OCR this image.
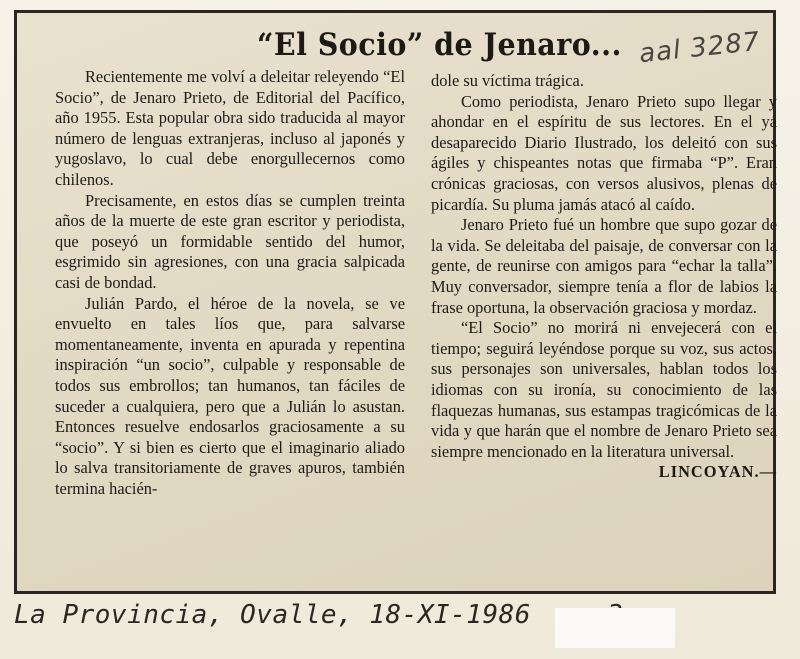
“El Socio” de Jenaro... aal 3287

Recientemente me volví a deleitar releyendo “El Socio”, de Jenaro Prieto, de Editorial del Pacífico, año 1955. Esta popular obra sido traducida al mayor número de lenguas extranjeras, incluso al japonés y yugoslavo, lo cual debe enorgullecernos como chilenos.

Precisamente, en estos días se cumplen treinta años de la muerte de este gran escritor y periodista, que poseyó un formidable sentido del humor, esgrimido sin agresiones, con una gracia salpicada casi de bondad.

Julián Pardo, el héroe de la novela, se ve envuelto en tales líos que, para salvarse momentaneamente, inventa en apurada y repentina inspiración “un socio”, culpable y responsable de todos sus embrollos; tan humanos, tan fáciles de suceder a cualquiera, pero que a Julián lo asustan. Entonces resuelve endosarlos graciosamente a su “socio”. Y si bien es cierto que el imaginario aliado lo salva transitoriamente de graves apuros, también termina hacién-

dole su víctima trágica.

Como periodista, Jenaro Prieto supo llegar y ahondar en el espíritu de sus lectores. En el yá desaparecido Diario Ilustrado, los deleitó con sus ágiles y chispeantes notas que firmaba “P”. Eran crónicas graciosas, con versos alusivos, plenas de picardía. Su pluma jamás atacó al caído.

Jenaro Prieto fué un hombre que supo gozar de la vida. Se deleitaba del paisaje, de conversar con la gente, de reunirse con amigos para “echar la talla”. Muy conversador, siempre tenía a flor de labios la frase oportuna, la observación graciosa y mordaz.

“El Socio” no morirá ni envejecerá con el tiempo; seguirá leyéndose porque su voz, sus actos, sus personajes son universales, hablan todos los idiomas con su ironía, su conocimiento de las flaquezas humanas, sus estampas tragicómicas de la vida y que harán que el nombre de Jenaro Prieto sea siempre mencionado en la literatura universal.

LINCOYAN.—
La Provincia, Ovalle, 18-XI-1986
